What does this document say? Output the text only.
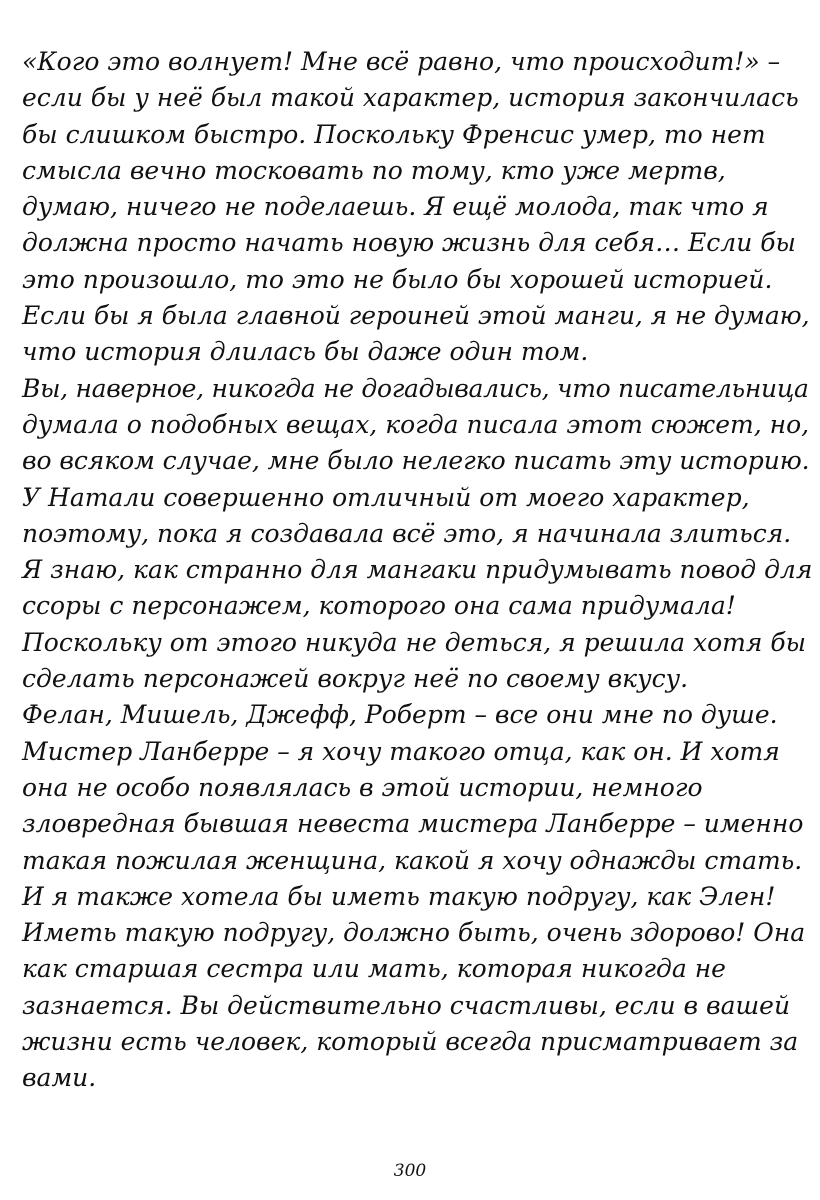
«Кого это волнует! Мне всё равно, что происходит!» –
если бы у неё был такой характер, история закончилась
бы слишком быстро. Поскольку Френсис умер, то нет
смысла вечно тосковать по тому, кто уже мертв,
думаю, ничего не поделаешь. Я ещё молода, так что я
должна просто начать новую жизнь для себя… Если бы
это произошло, то это не было бы хорошей историей.
Если бы я была главной героиней этой манги, я не думаю,
что история длилась бы даже один том.
Вы, наверное, никогда не догадывались, что писательница
думала о подобных вещах, когда писала этот сюжет, но,
во всяком случае, мне было нелегко писать эту историю.
У Натали совершенно отличный от моего характер,
поэтому, пока я создавала всё это, я начинала злиться.
Я знаю, как странно для мангаки придумывать повод для
ссоры с персонажем, которого она сама придумала!
Поскольку от этого никуда не деться, я решила хотя бы
сделать персонажей вокруг неё по своему вкусу.
Фелан, Мишель, Джефф, Роберт – все они мне по душе.
Мистер Ланберре – я хочу такого отца, как он. И хотя
она не особо появлялась в этой истории, немного
зловредная бывшая невеста мистера Ланберре – именно
такая пожилая женщина, какой я хочу однажды стать.
И я также хотела бы иметь такую подругу, как Элен!
Иметь такую подругу, должно быть, очень здорово! Она
как старшая сестра или мать, которая никогда не
зазнается. Вы действительно счастливы, если в вашей
жизни есть человек, который всегда присматривает за
вами.
300
